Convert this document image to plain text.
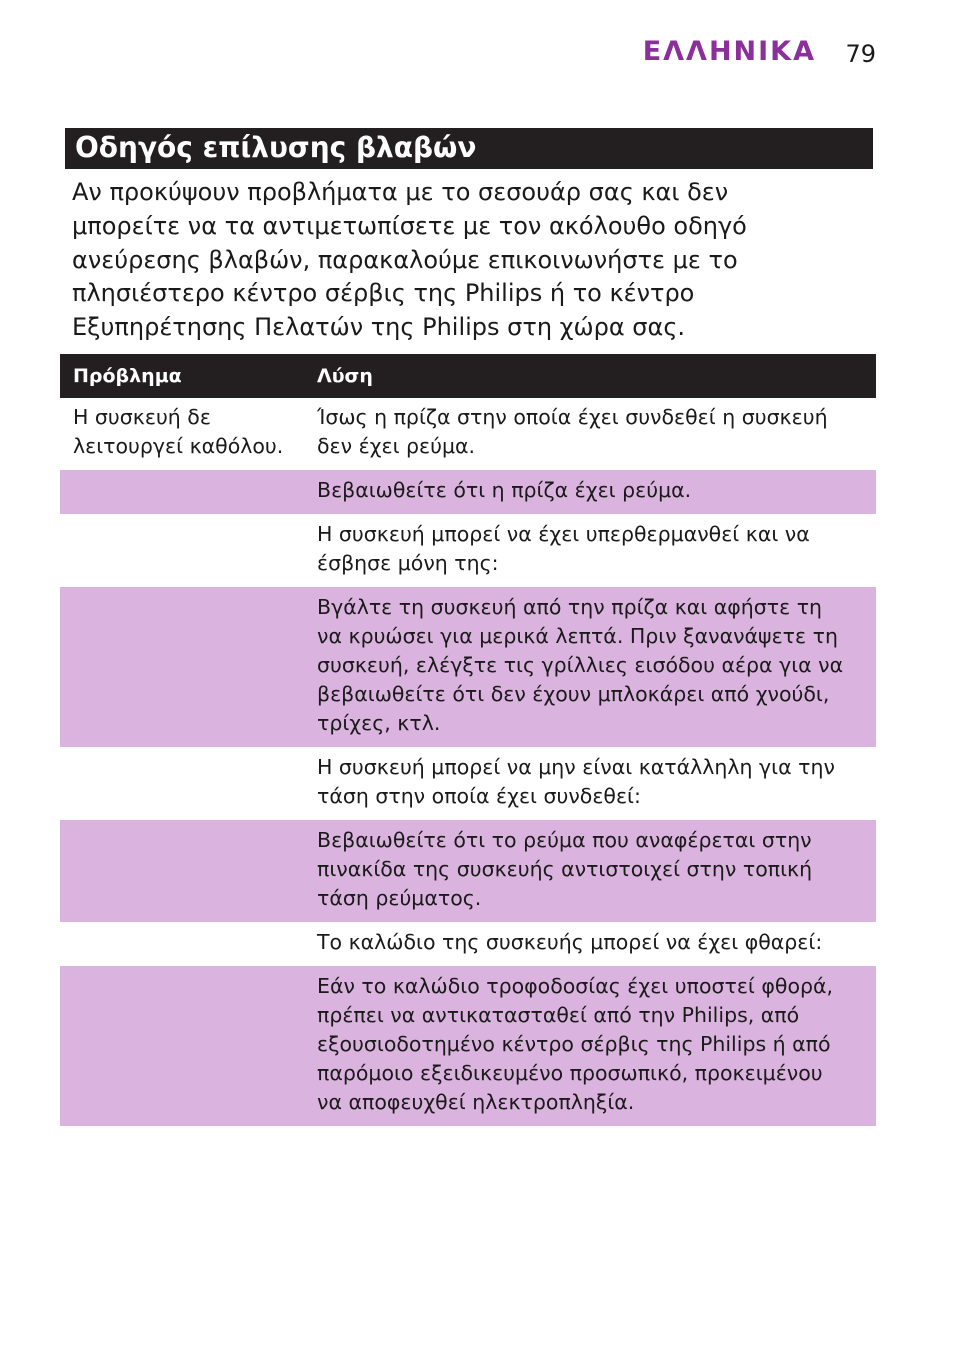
ΕΛΛΗΝΙΚΑ 79
Οδηγός επίλυσης βλαβών
Αν προκύψουν προβλήματα με το σεσουάρ σας και δεν
μπορείτε να τα αντιμετωπίσετε με τον ακόλουθο οδηγό
ανεύρεσης βλαβών, παρακαλούμε επικοινωνήστε με το
πλησιέστερο κέντρο σέρβις της Philips ή το κέντρο
Εξυπηρέτησης Πελατών της Philips στη χώρα σας.
Πρόβλημα	Λύση
Η συσκευή δε
λειτουργεί καθόλου.
Ίσως η πρίζα στην οποία έχει συνδεθεί η συσκευή
δεν έχει ρεύμα.
Βεβαιωθείτε ότι η πρίζα έχει ρεύμα.
Η συσκευή μπορεί να έχει υπερθερμανθεί και να
έσβησε μόνη της:
Βγάλτε τη συσκευή από την πρίζα και αφήστε τη
να κρυώσει για μερικά λεπτά. Πριν ξανανάψετε τη
συσκευή, ελέγξτε τις γρίλλιες εισόδου αέρα για να
βεβαιωθείτε ότι δεν έχουν μπλοκάρει από χνούδι,
τρίχες, κτλ.
Η συσκευή μπορεί να μην είναι κατάλληλη για την
τάση στην οποία έχει συνδεθεί:
Βεβαιωθείτε ότι το ρεύμα που αναφέρεται στην
πινακίδα της συσκευής αντιστοιχεί στην τοπική
τάση ρεύματος.
Το καλώδιο της συσκευής μπορεί να έχει φθαρεί:
Εάν το καλώδιο τροφοδοσίας έχει υποστεί φθορά,
πρέπει να αντικατασταθεί από την Philips, από
εξουσιοδοτημένο κέντρο σέρβις της Philips ή από
παρόμοιο εξειδικευμένο προσωπικό, προκειμένου
να αποφευχθεί ηλεκτροπληξία.
